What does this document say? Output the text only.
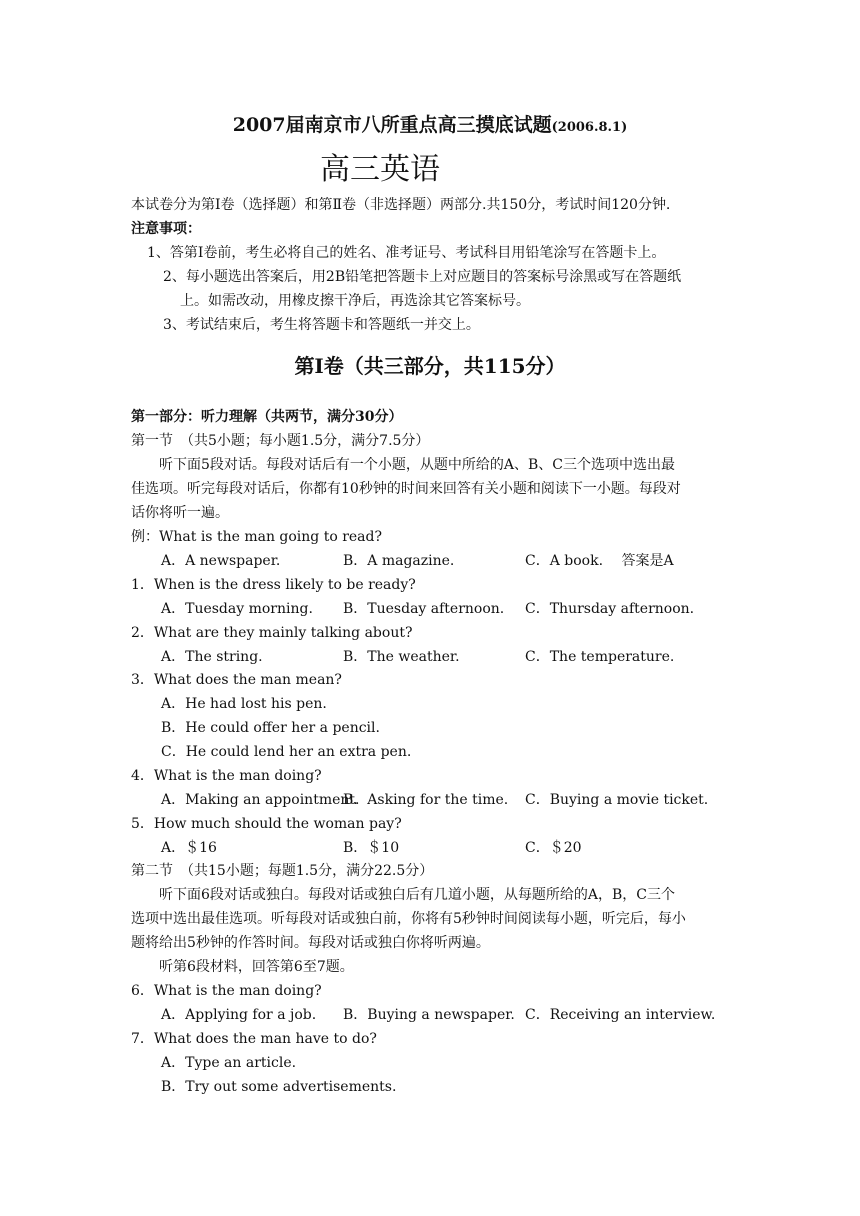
2007届南京市八所重点高三摸底试题(2006.8.1)
高三英语
本试卷分为第Ⅰ卷（选择题）和第Ⅱ卷（非选择题）两部分.共150分，考试时间120分钟.
注意事项：
1、答第Ⅰ卷前，考生必将自己的姓名、准考证号、考试科目用铅笔涂写在答题卡上。
2、每小题选出答案后，用2B铅笔把答题卡上对应题目的答案标号涂黑或写在答题纸
上。如需改动，用橡皮擦干净后，再选涂其它答案标号。
3、考试结束后，考生将答题卡和答题纸一并交上。
第Ⅰ卷（共三部分，共115分）
第一部分：听力理解（共两节，满分30分）
第一节　（共5小题；每小题1.5分，满分7.5分）
听下面5段对话。每段对话后有一个小题，从题中所给的A、B、C三个选项中选出最
佳选项。听完每段对话后，你都有10秒钟的时间来回答有关小题和阅读下一小题。每段对
话你将听一遍。
例：What is the man going to read?
A．A newspaper.	B．A magazine.	C．A book.　 答案是A
1．When is the dress likely to be ready?
A．Tuesday morning. B．Tuesday afternoon. C．Thursday afternoon.
2．What are they mainly talking about?
A．The string.	B．The weather.	C．The temperature.
3．What does the man mean?
A．He had lost his pen.
B．He could offer her a pencil.
C．He could lend her an extra pen.
4．What is the man doing?
A．Making an appointment.
B．Asking for the time. C．Buying a movie ticket.
5．How much should the woman pay?
A．＄16	B．＄10	C．＄20
第二节　（共15小题；每题1.5分，满分22.5分）
听下面6段对话或独白。每段对话或独白后有几道小题，从每题所给的A，B，C三个
选项中选出最佳选项。听每段对话或独白前，你将有5秒钟时间阅读每小题，听完后，每小
题将给出5秒钟的作答时间。每段对话或独白你将听两遍。
听第6段材料，回答第6至7题。
6．What is the man doing?
A．Applying for a job. B．Buying a newspaper. C．Receiving an interview.
7．What does the man have to do?
A．Type an article.
B．Try out some advertisements.
